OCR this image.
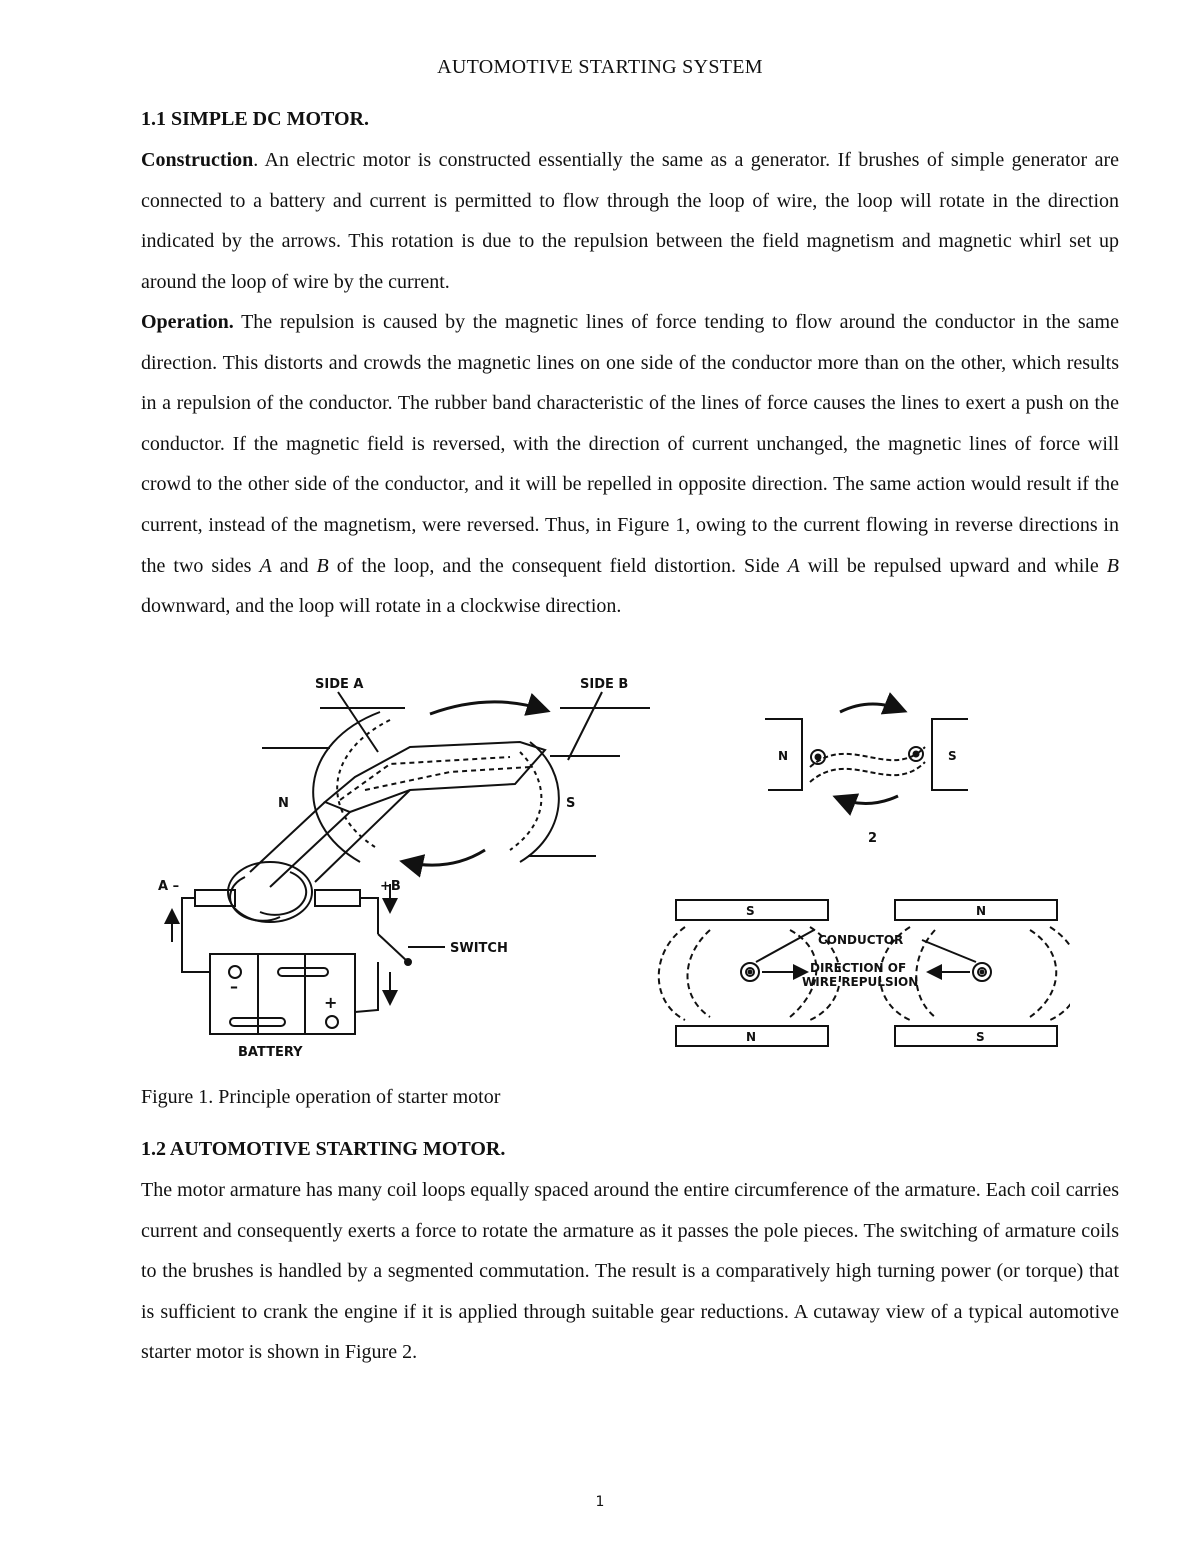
AUTOMOTIVE STARTING SYSTEM
1.1 SIMPLE DC MOTOR.

Construction. An electric motor is constructed essentially the same as a generator. If brushes of simple generator are connected to a battery and current is permitted to flow through the loop of wire, the loop will rotate in the direction indicated by the arrows. This rotation is due to the repulsion between the field magnetism and magnetic whirl set up around the loop of wire by the current.

Operation. The repulsion is caused by the magnetic lines of force tending to flow around the conductor in the same direction. This distorts and crowds the magnetic lines on one side of the conductor more than on the other, which results in a repulsion of the conductor. The rubber band characteristic of the lines of force causes the lines to exert a push on the conductor. If the magnetic field is reversed, with the direction of current unchanged, the magnetic lines of force will crowd to the other side of the conductor, and it will be repelled in opposite direction. The same action would result if the current, instead of the magnetism, were reversed. Thus, in Figure 1, owing to the current flowing in reverse directions in the two sides A and B of the loop, and the consequent field distortion. Side A will be repulsed upward and while B downward, and the loop will rotate in a clockwise direction.

SIDE A	SIDE B
N	S
A –	+B
SWITCH
–
+
BATTERY
N	S
2
S	N
N	S
CONDUCTOR
DIRECTION OF
WIRE REPULSION
Figure 1. Principle operation of starter motor
1.2 AUTOMOTIVE STARTING MOTOR.

The motor armature has many coil loops equally spaced around the entire circumference of the armature. Each coil carries current and consequently exerts a force to rotate the armature as it passes the pole pieces. The switching of armature coils to the brushes is handled by a segmented commutation. The result is a comparatively high turning power (or torque) that is sufficient to crank the engine if it is applied through suitable gear reductions. A cutaway view of a typical automotive starter motor is shown in Figure 2.

1
